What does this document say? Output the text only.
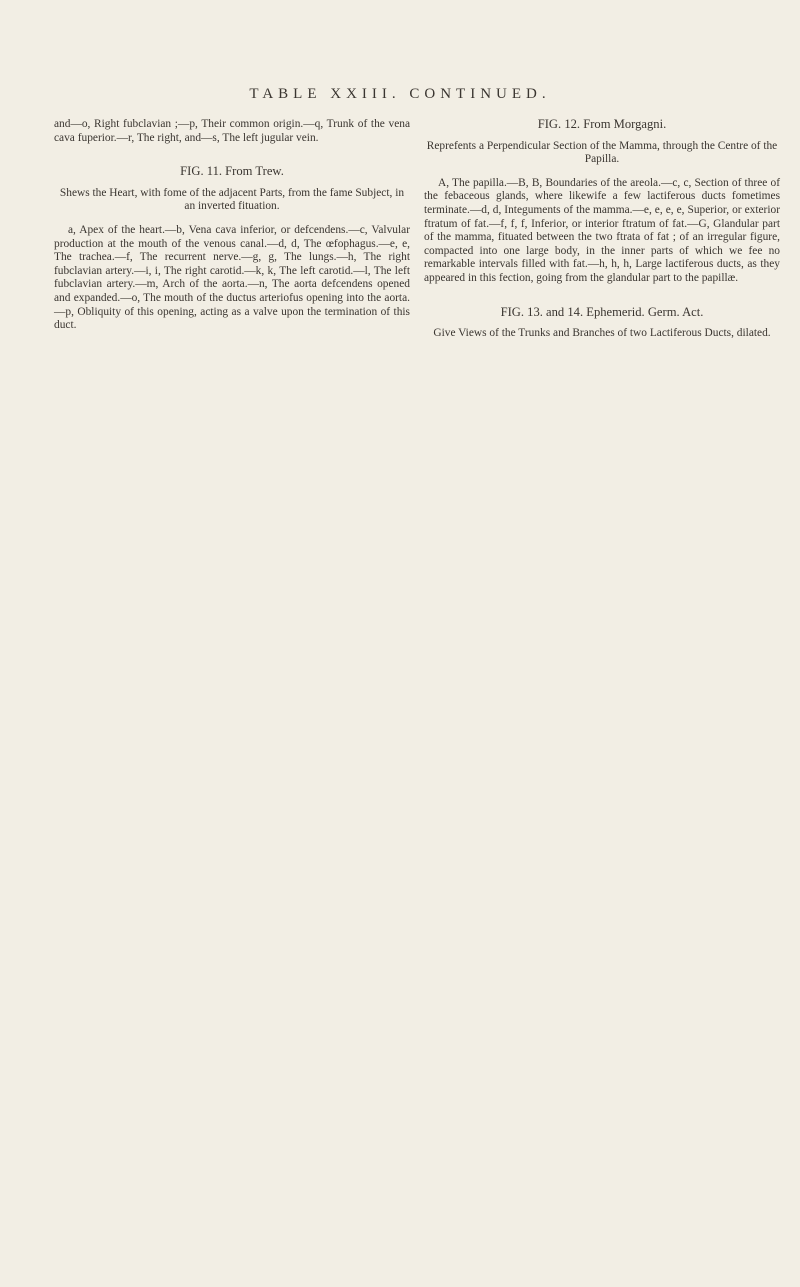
TABLE XXIII. CONTINUED.

and—o, Right fubclavian ;—p, Their common origin.—q, Trunk of the vena cava fuperior.—r, The right, and—s, The left jugular vein.

FIG. 11. From Trew.

Shews the Heart, with fome of the adjacent Parts, from the fame Subject, in an inverted fituation.

a, Apex of the heart.—b, Vena cava inferior, or defcendens.—c, Valvular production at the mouth of the venous canal.—d, d, The œfophagus.—e, e, The trachea.—f, The recurrent nerve.—g, g, The lungs.—h, The right fubclavian artery.—i, i, The right carotid.—k, k, The left carotid.—l, The left fubclavian artery.—m, Arch of the aorta.—n, The aorta defcendens opened and expanded.—o, The mouth of the ductus arteriofus opening into the aorta.—p, Obliquity of this opening, acting as a valve upon the termination of this duct.

FIG. 12. From Morgagni.

Reprefents a Perpendicular Section of the Mamma, through the Centre of the Papilla.

A, The papilla.—B, B, Boundaries of the areola.—c, c, Section of three of the febaceous glands, where likewife a few lactiferous ducts fometimes terminate.—d, d, Integuments of the mamma.—e, e, e, e, Superior, or exterior ftratum of fat.—f, f, f, Inferior, or interior ftratum of fat.—G, Glandular part of the mamma, fituated between the two ftrata of fat ; of an irregular figure, compacted into one large body, in the inner parts of which we fee no remarkable intervals filled with fat.—h, h, h, Large lactiferous ducts, as they appeared in this fection, going from the glandular part to the papillæ.

FIG. 13. and 14. Ephemerid. Germ. Act.

Give Views of the Trunks and Branches of two Lactiferous Ducts, dilated.
